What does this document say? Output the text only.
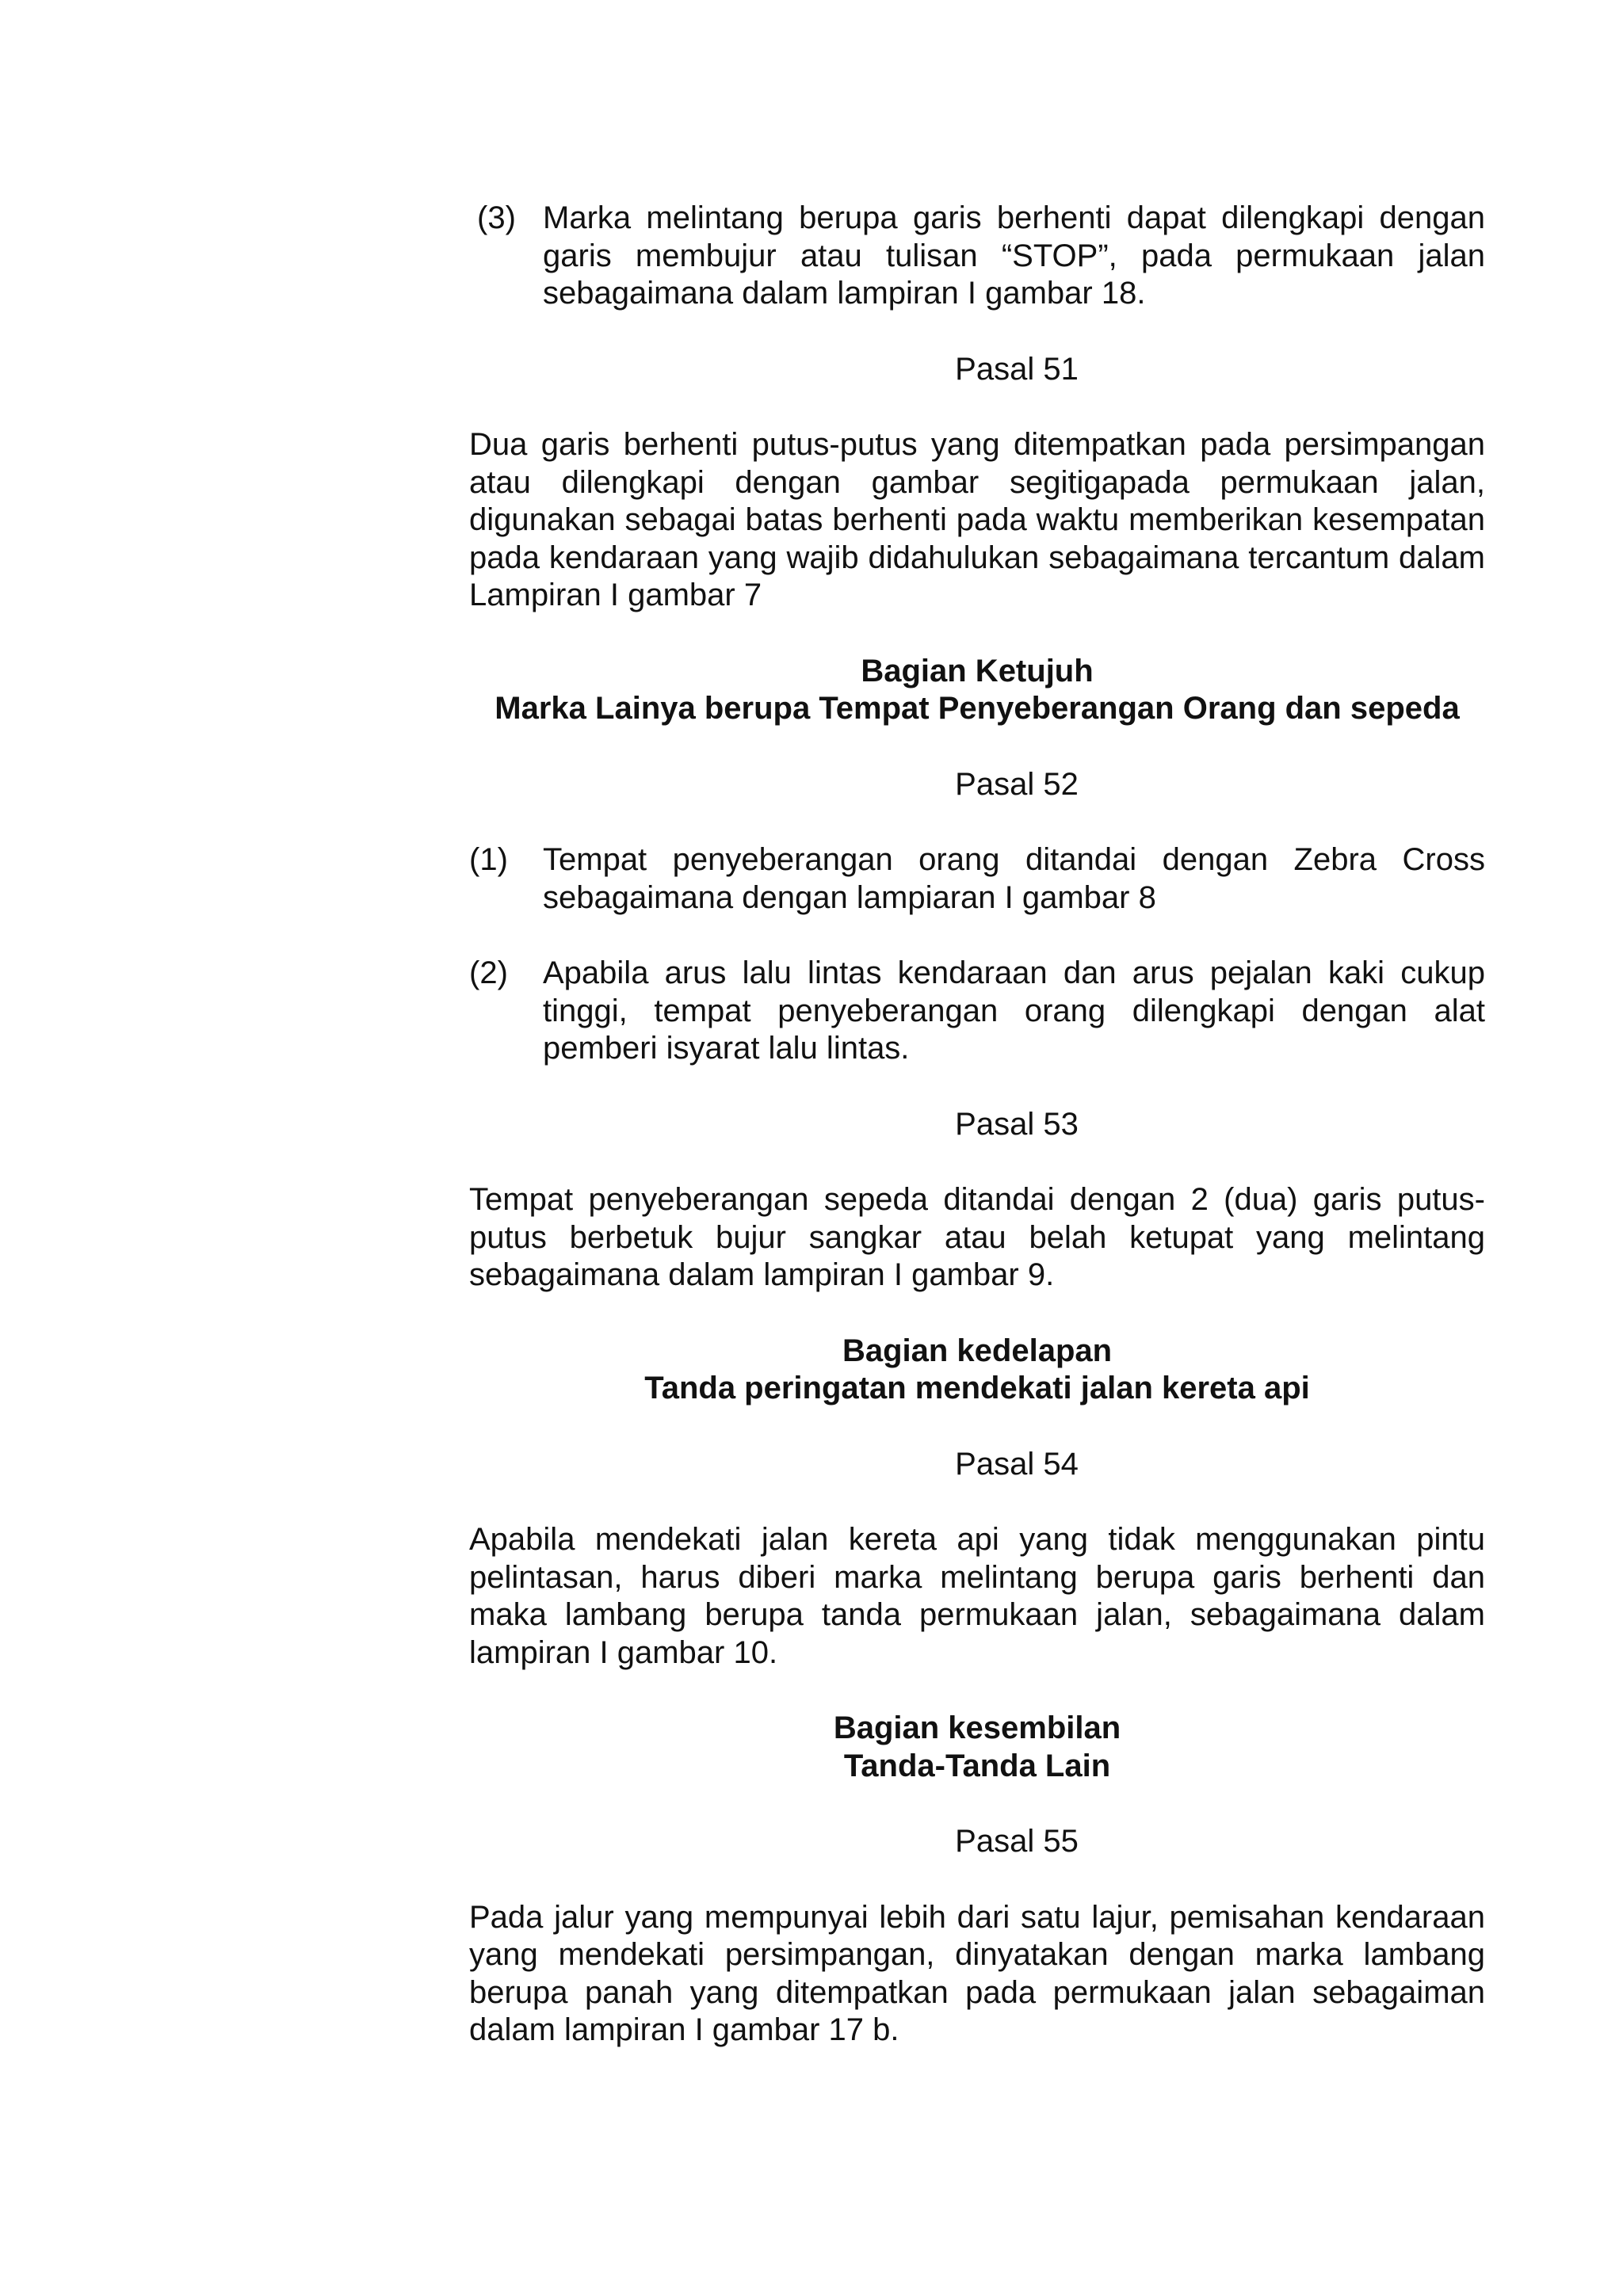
(3) Marka melintang berupa garis berhenti dapat dilengkapi dengan garis membujur atau tulisan “STOP”, pada permukaan jalan sebagaimana dalam lampiran I gambar 18.

Pasal 51

Dua garis berhenti putus-putus yang ditempatkan pada persimpangan atau dilengkapi dengan gambar segitigapada permukaan jalan, digunakan sebagai batas berhenti pada waktu memberikan kesempatan pada kendaraan yang wajib didahulukan sebagaimana tercantum dalam Lampiran I gambar 7

Bagian Ketujuh

Marka Lainya berupa Tempat Penyeberangan Orang dan sepeda

Pasal 52

(1)	Tempat penyeberangan orang ditandai dengan Zebra Cross sebagaimana dengan lampiaran I gambar 8
(2)	Apabila arus lalu lintas kendaraan dan arus pejalan kaki cukup tinggi, tempat penyeberangan orang dilengkapi dengan alat pemberi isyarat lalu lintas.

Pasal 53

Tempat penyeberangan sepeda ditandai dengan 2 (dua) garis putus-putus berbetuk bujur sangkar atau belah ketupat yang melintang sebagaimana dalam lampiran I gambar 9.

Bagian kedelapan

Tanda peringatan mendekati jalan kereta api

Pasal 54

Apabila mendekati jalan kereta api yang tidak menggunakan pintu pelintasan, harus diberi marka melintang berupa garis berhenti dan maka lambang berupa tanda permukaan jalan, sebagaimana dalam lampiran I gambar 10.

Bagian kesembilan

Tanda-Tanda Lain

Pasal 55

Pada jalur yang mempunyai lebih dari satu lajur, pemisahan kendaraan yang mendekati persimpangan, dinyatakan dengan marka lambang berupa panah yang ditempatkan pada permukaan jalan sebagaiman dalam lampiran I gambar 17 b.
